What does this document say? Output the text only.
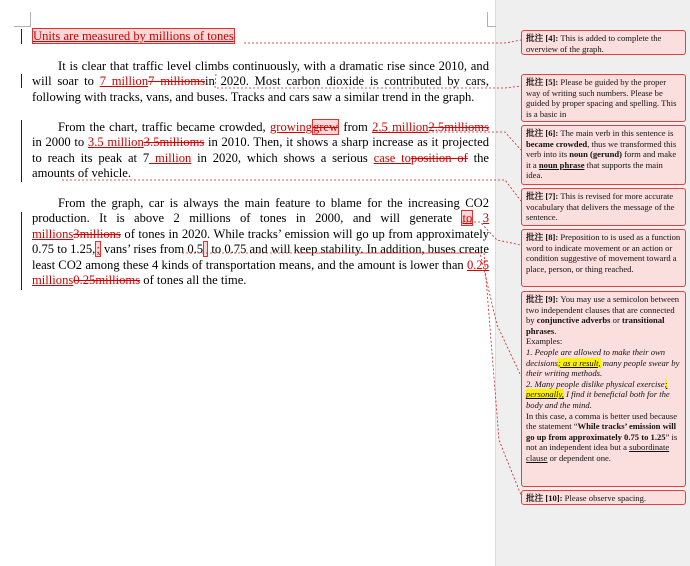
Units are measured by millions of tones

It is clear that traffic level climbs continuously, with a dramatic rise since 2010, and will soar to 7 million7 milliomsin 2020. Most carbon dioxide is contributed by cars, following with tracks, vans, and buses. Tracks and cars saw a similar trend in the graph.

From the chart, traffic became crowded, growinggrew from 2.5 million2.5millioms in 2000 to 3.5 million3.5millioms in 2010. Then, it shows a sharp increase as it projected to reach its peak at 7 million in 2020, which shows a serious case toposition of the amounts of vehicle.

From the graph, car is always the main feature to blame for the increasing CO2 production. It is above 2 millions of tones in 2000, and will generate to 3 millions3millions of tones in 2020. While tracks’ emission will go up from approximately 0.75 to 1.25,; vans’ rises from 0.5  to 0.75 and will keep stability. In addition, buses create least CO2 among these 4 kinds of transportation means, and the amount is lower than 0.25 millions0.25millioms of tones all the time.

批注 [4]: This is added to complete the overview of the graph.
批注 [5]: Please be guided by the proper way of writing such numbers. Please be guided by proper spacing and spelling. This is a basic in
批注 [6]: The main verb in this sentence is became crowded, thus we transformed this verb into its noun (gerund) form and make it a noun phrase that supports the main idea.
批注 [7]: This is revised for more accurate vocabulary that delivers the message of the sentence.
批注 [8]: Preposition to is used as a function word to indicate movement or an action or condition suggestive of movement toward a place, person, or thing reached.

批注 [9]: You may use a semicolon between two independent clauses that are connected by conjunctive adverbs or transitional phrases.

Examples:

1. People are allowed to make their own decisions; as a result, many people swear by their writing methods.

2. Many people dislike physical exercise; personally, I find it beneficial both for the body and the mind.

In this case, a comma is better used because the statement “While tracks’ emission will go up from approximately 0.75 to 1.25” is not an independent idea but a subordinate clause or dependent one.

批注 [10]: Please observe spacing.
